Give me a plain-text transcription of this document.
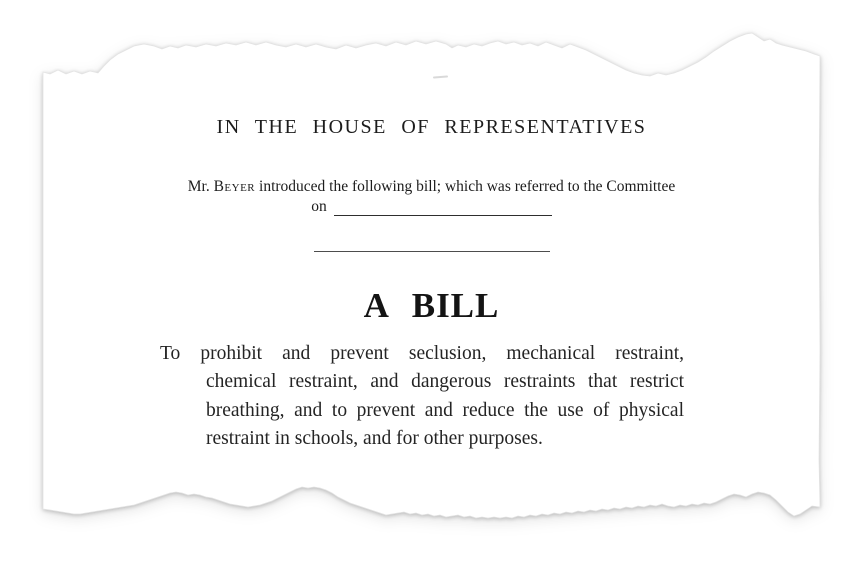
IN THE HOUSE OF REPRESENTATIVES
Mr. Beyer introduced the following bill; which was referred to the Committee
on
A BILL
To prohibit and prevent seclusion, mechanical restraint,
chemical restraint, and dangerous restraints that restrict
breathing, and to prevent and reduce the use of physical
restraint in schools, and for other purposes.
